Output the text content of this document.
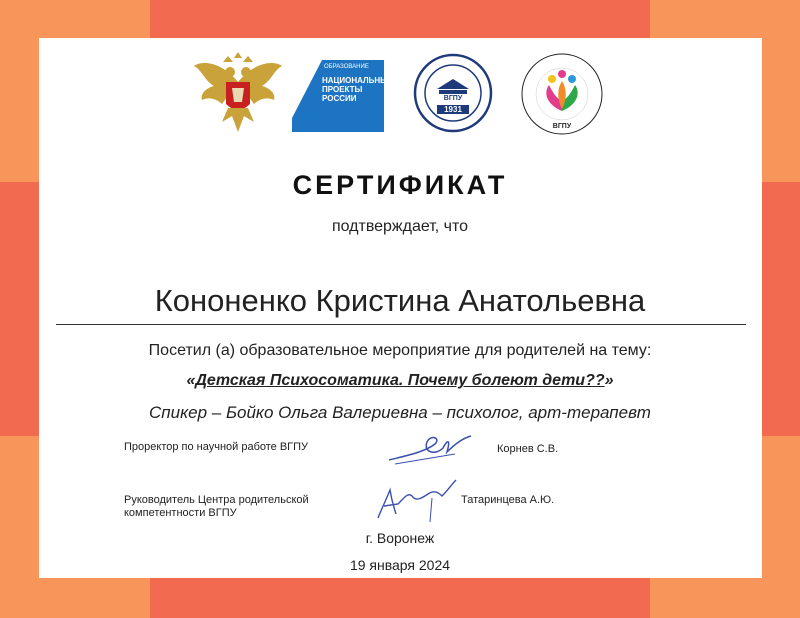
ОБРАЗОВАНИЕ
НАЦИОНАЛЬНЫЕ
ПРОЕКТЫ
РОССИИ	ВГПУ
1931
ВГПУ
СЕРТИФИКАТ
подтверждает, что
Кононенко Кристина Анатольевна
Посетил (а) образовательное мероприятие для родителей на тему:
«Детская Психосоматика. Почему болеют дети??»
Спикер – Бойко Ольга Валериевна – психолог, арт-терапевт
Проректор по научной работе ВГПУ	Корнев С.В.
Руководитель Центра родительской компетентности ВГПУ
Татаринцева А.Ю.
г. Воронеж
19 января 2024
